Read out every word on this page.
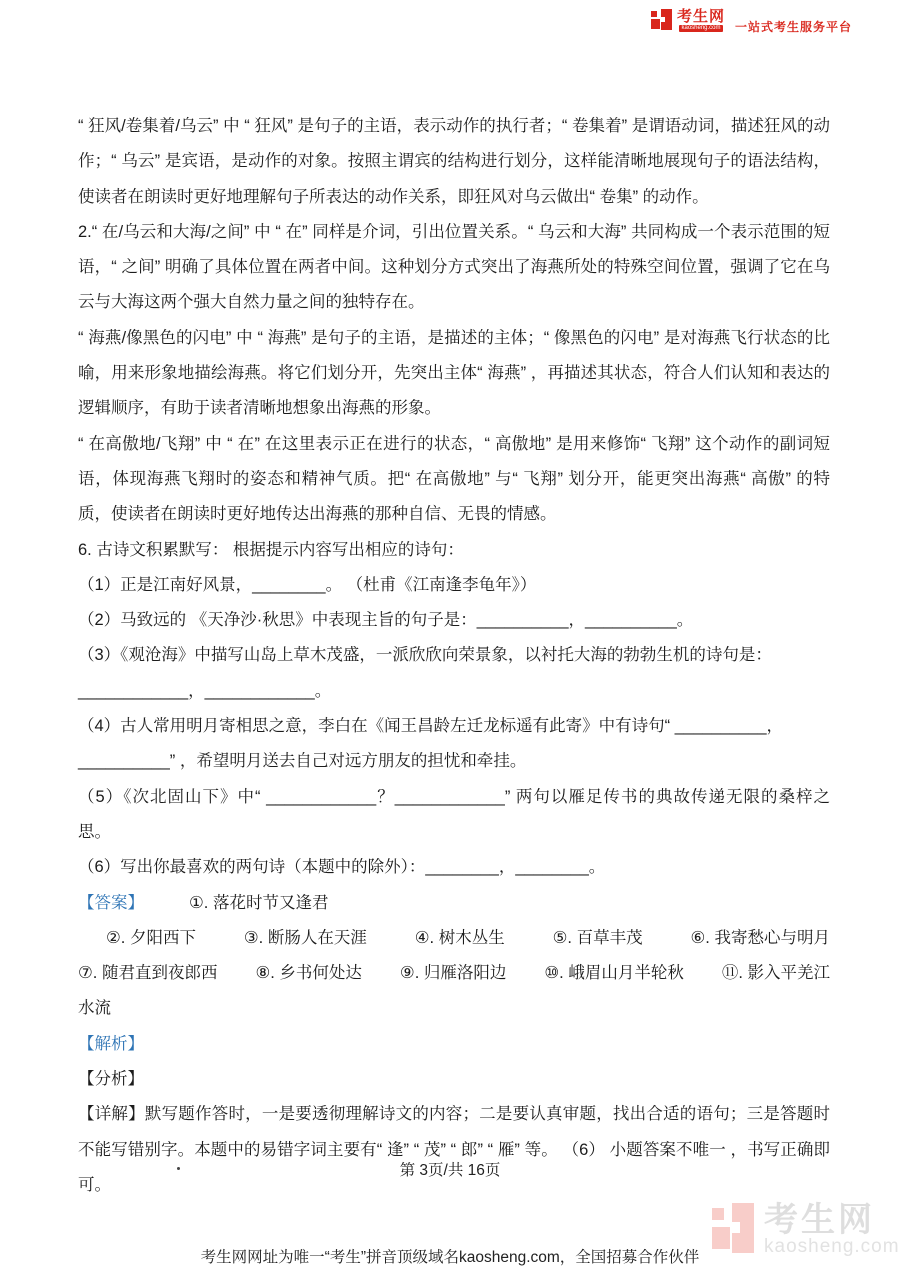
考生网
kaosheng.com 一站式考生服务平台

“ 狂风/卷集着/乌云” 中 “ 狂风” 是句子的主语，表示动作的执行者；“ 卷集着” 是谓语动词，描述狂风的动作；“ 乌云” 是宾语，是动作的对象。按照主谓宾的结构进行划分，这样能清晰地展现句子的语法结构，使读者在朗读时更好地理解句子所表达的动作关系，即狂风对乌云做出“ 卷集” 的动作。

2.“ 在/乌云和大海/之间” 中 “ 在” 同样是介词，引出位置关系。“ 乌云和大海” 共同构成一个表示范围的短语，“ 之间” 明确了具体位置在两者中间。这种划分方式突出了海燕所处的特殊空间位置，强调了它在乌云与大海这两个强大自然力量之间的独特存在。

“ 海燕/像黑色的闪电” 中 “ 海燕” 是句子的主语，是描述的主体；“ 像黑色的闪电” 是对海燕飞行状态的比喻，用来形象地描绘海燕。将它们划分开，先突出主体“ 海燕” ，再描述其状态，符合人们认知和表达的逻辑顺序，有助于读者清晰地想象出海燕的形象。

“ 在高傲地/飞翔” 中 “ 在” 在这里表示正在进行的状态，“ 高傲地” 是用来修饰“ 飞翔” 这个动作的副词短语，体现海燕飞翔时的姿态和精神气质。把“ 在高傲地” 与“ 飞翔” 划分开，能更突出海燕“ 高傲” 的特质，使读者在朗读时更好地传达出海燕的那种自信、无畏的情感。

6. 古诗文积累默写： 根据提示内容写出相应的诗句：

（1）正是江南好风景，________。 （杜甫《江南逢李龟年》）

（2）马致远的 《天净沙·秋思》中表现主旨的句子是：__________，__________。

（3）《观沧海》中描写山岛上草木茂盛，一派欣欣向荣景象，以衬托大海的勃勃生机的诗句是：

____________，____________。

（4）古人常用明月寄相思之意，李白在《闻王昌龄左迁龙标遥有此寄》中有诗句“ __________，

__________” ，希望明月送去自己对远方朋友的担忧和牵挂。

（5）《次北固山下》中“ ____________？____________” 两句以雁足传书的典故传递无限的桑梓之思。

（6）写出你最喜欢的两句诗（本题中的除外）：________，________。

【答案】	①. 落花时节又逢君

②. 夕阳西下	③. 断肠人在天涯	④. 树木丛生	⑤. 百草丰茂	⑥. 我寄愁心与明月

⑦. 随君直到夜郎西 ⑧. 乡书何处达 ⑨. 归雁洛阳边 ⑩. 峨眉山月半轮秋 ⑪. 影入平羌江

水流

【解析】

【分析】

【详解】默写题作答时，一是要透彻理解诗文的内容；二是要认真审题，找出合适的语句；三是答题时不能写错别字。本题中的易错字词主要有“ 逢” “ 茂” “ 郎” “ 雁” 等。 （6） 小题答案不唯一 ，书写正确即可。

第 3页/共 16页
考生网
kaosheng.com
考生网网址为唯一“考生”拼音顶级域名kaosheng.com，全国招募合作伙伴
